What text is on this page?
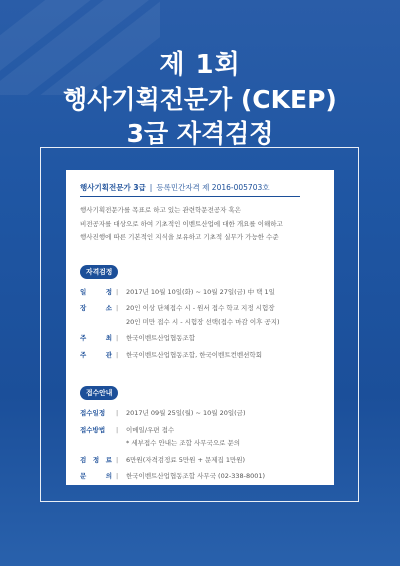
제 1회
행사기획전문가 (CKEP)
3급 자격검정
행사기획전문가 3급 | 등록민간자격 제 2016-005703호
행사기획전문가를 목표로 하고 있는 관련학문전공자 혹은
비전공자를 대상으로 하여 기초적인 이벤트산업에 대한 개요를 이해하고
행사진행에 따른 기본적인 지식을 보유하고 기초적 실무가 가능한 수준
자격검정
일	정 |	2017년 10월 10일(화) ~ 10월 27일(금) 中 택 1일
장	소 |	20인 이상 단체접수 시 - 원서 접수 학교 지정 시험장
20인 미만 접수 시 - 시험장 선택(접수 마감 이후 공지)
주	최 |	한국이벤트산업협동조합
주	관 |	한국이벤트산업협동조합, 한국이벤트컨벤션학회
접수안내
접수일정	|	2017년 09월 25일(월) ~ 10월 20일(금)
접수방법	|	이메일/우편 접수
* 세부접수 안내는 조합 사무국으로 문의
검 정 료 |	6만원(자격검정료 5만원 + 문제집 1만원)
문	의 |	한국이벤트산업협동조합 사무국 (02-338-8001)
